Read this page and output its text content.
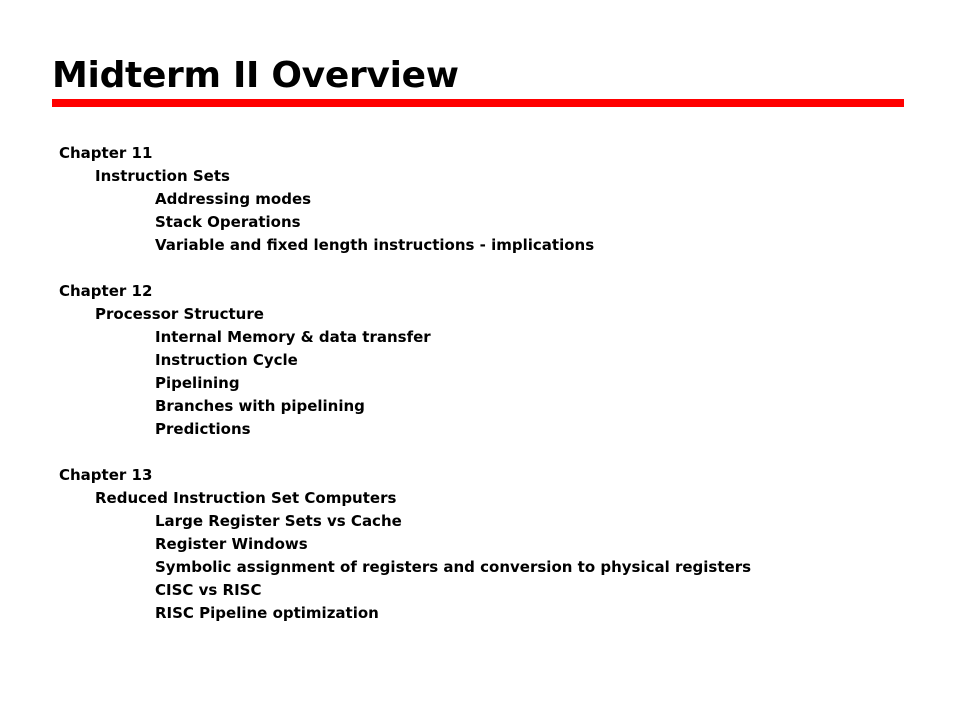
Midterm II Overview
Chapter 11
Instruction Sets
Addressing modes
Stack Operations
Variable and fixed length instructions - implications
Chapter 12
Processor Structure
Internal Memory & data transfer
Instruction Cycle
Pipelining
Branches with pipelining
Predictions
Chapter 13
Reduced Instruction Set Computers
Large Register Sets vs Cache
Register Windows
Symbolic assignment of registers and conversion to physical registers
CISC vs RISC
RISC Pipeline optimization
